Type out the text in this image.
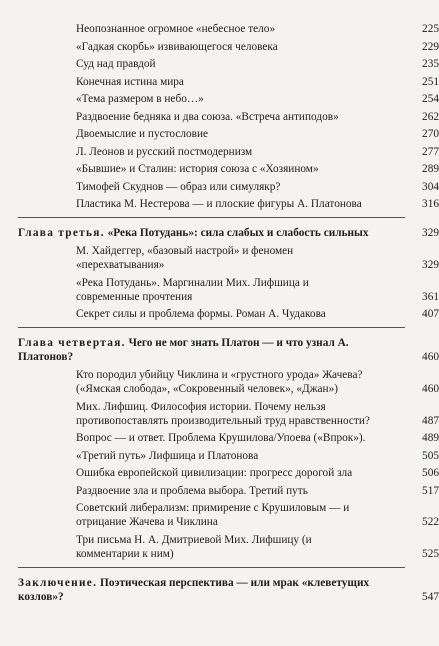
Неопознанное огромное «небесное тело»	225
«Гадкая скорбь» извивающегося человека	229
Суд над правдой	235
Конечная истина мира	251
«Тема размером в небо…»	254
Раздвоение бедняка и два союза. «Встреча антиподов»	262
Двоемыслие и пустословие	270
Л. Леонов и русский постмодернизм	277
«Бывшие» и Сталин: история союза с «Хозяином»	289
Тимофей Скуднов — образ или симулякр?	304
Пластика М. Нестерова — и плоские фигуры А. Платонова	316
Глава третья. «Река Потудань»: сила слабых и слабость сильных	329
М. Хайдеггер, «базовый настрой» и феномен «перехватывания»	329
«Река Потудань». Маргиналии Мих. Лифшица и современные прочтения	361
Секрет силы и проблема формы. Роман А. Чудакова	407
Глава четвертая. Чего не мог знать Платон — и что узнал А. Платонов?	460
Кто породил убийцу Чиклина и «грустного урода» Жачева? («Ямская слобода», «Сокровенный человек», «Джан»)	460
Мих. Лифшиц. Философия истории. Почему нельзя противопоставлять производительный труд нравственности?	487
Вопрос — и ответ. Проблема Крушилова/Упоева («Впрок»).	489
«Третий путь» Лифшица и Платонова	505
Ошибка европейской цивилизации: прогресс дорогой зла	506
Раздвоение зла и проблема выбора. Третий путь	517
Советский либерализм: примирение с Крушиловым — и отрицание Жачева и Чиклина	522
Три письма Н. А. Дмитриевой Мих. Лифшицу (и комментарии к ним)	525
Заключение. Поэтическая перспектива — или мрак «клеветущих козлов»?	547
